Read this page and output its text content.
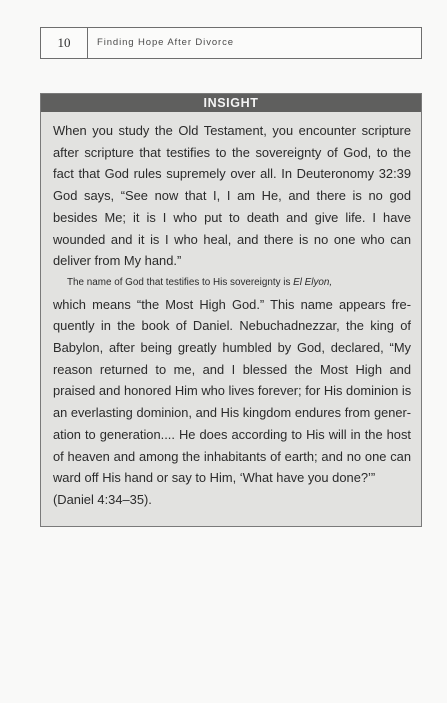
10	Finding Hope After Divorce
INSIGHT

When you study the Old Testament, you encounter scripture
after scripture that testifies to the sovereignty of God, to the
fact that God rules supremely over all. In Deuteronomy 32:39
God says, “See now that I, I am He, and there is no god
besides Me; it is I who put to death and give life. I have
wounded and it is I who heal, and there is no one who can
deliver from My hand.”

The name of God that testifies to His sovereignty is El Elyon,
which means “the Most High God.” This name appears fre-
quently in the book of Daniel. Nebuchadnezzar, the king of
Babylon, after being greatly humbled by God, declared, “My
reason returned to me, and I blessed the Most High and
praised and honored Him who lives forever; for His dominion is
an everlasting dominion, and His kingdom endures from gener-
ation to generation.... He does according to His will in the host
of heaven and among the inhabitants of earth; and no one can
ward off His hand or say to Him, ‘What have you done?’”
(Daniel 4:34–35).
